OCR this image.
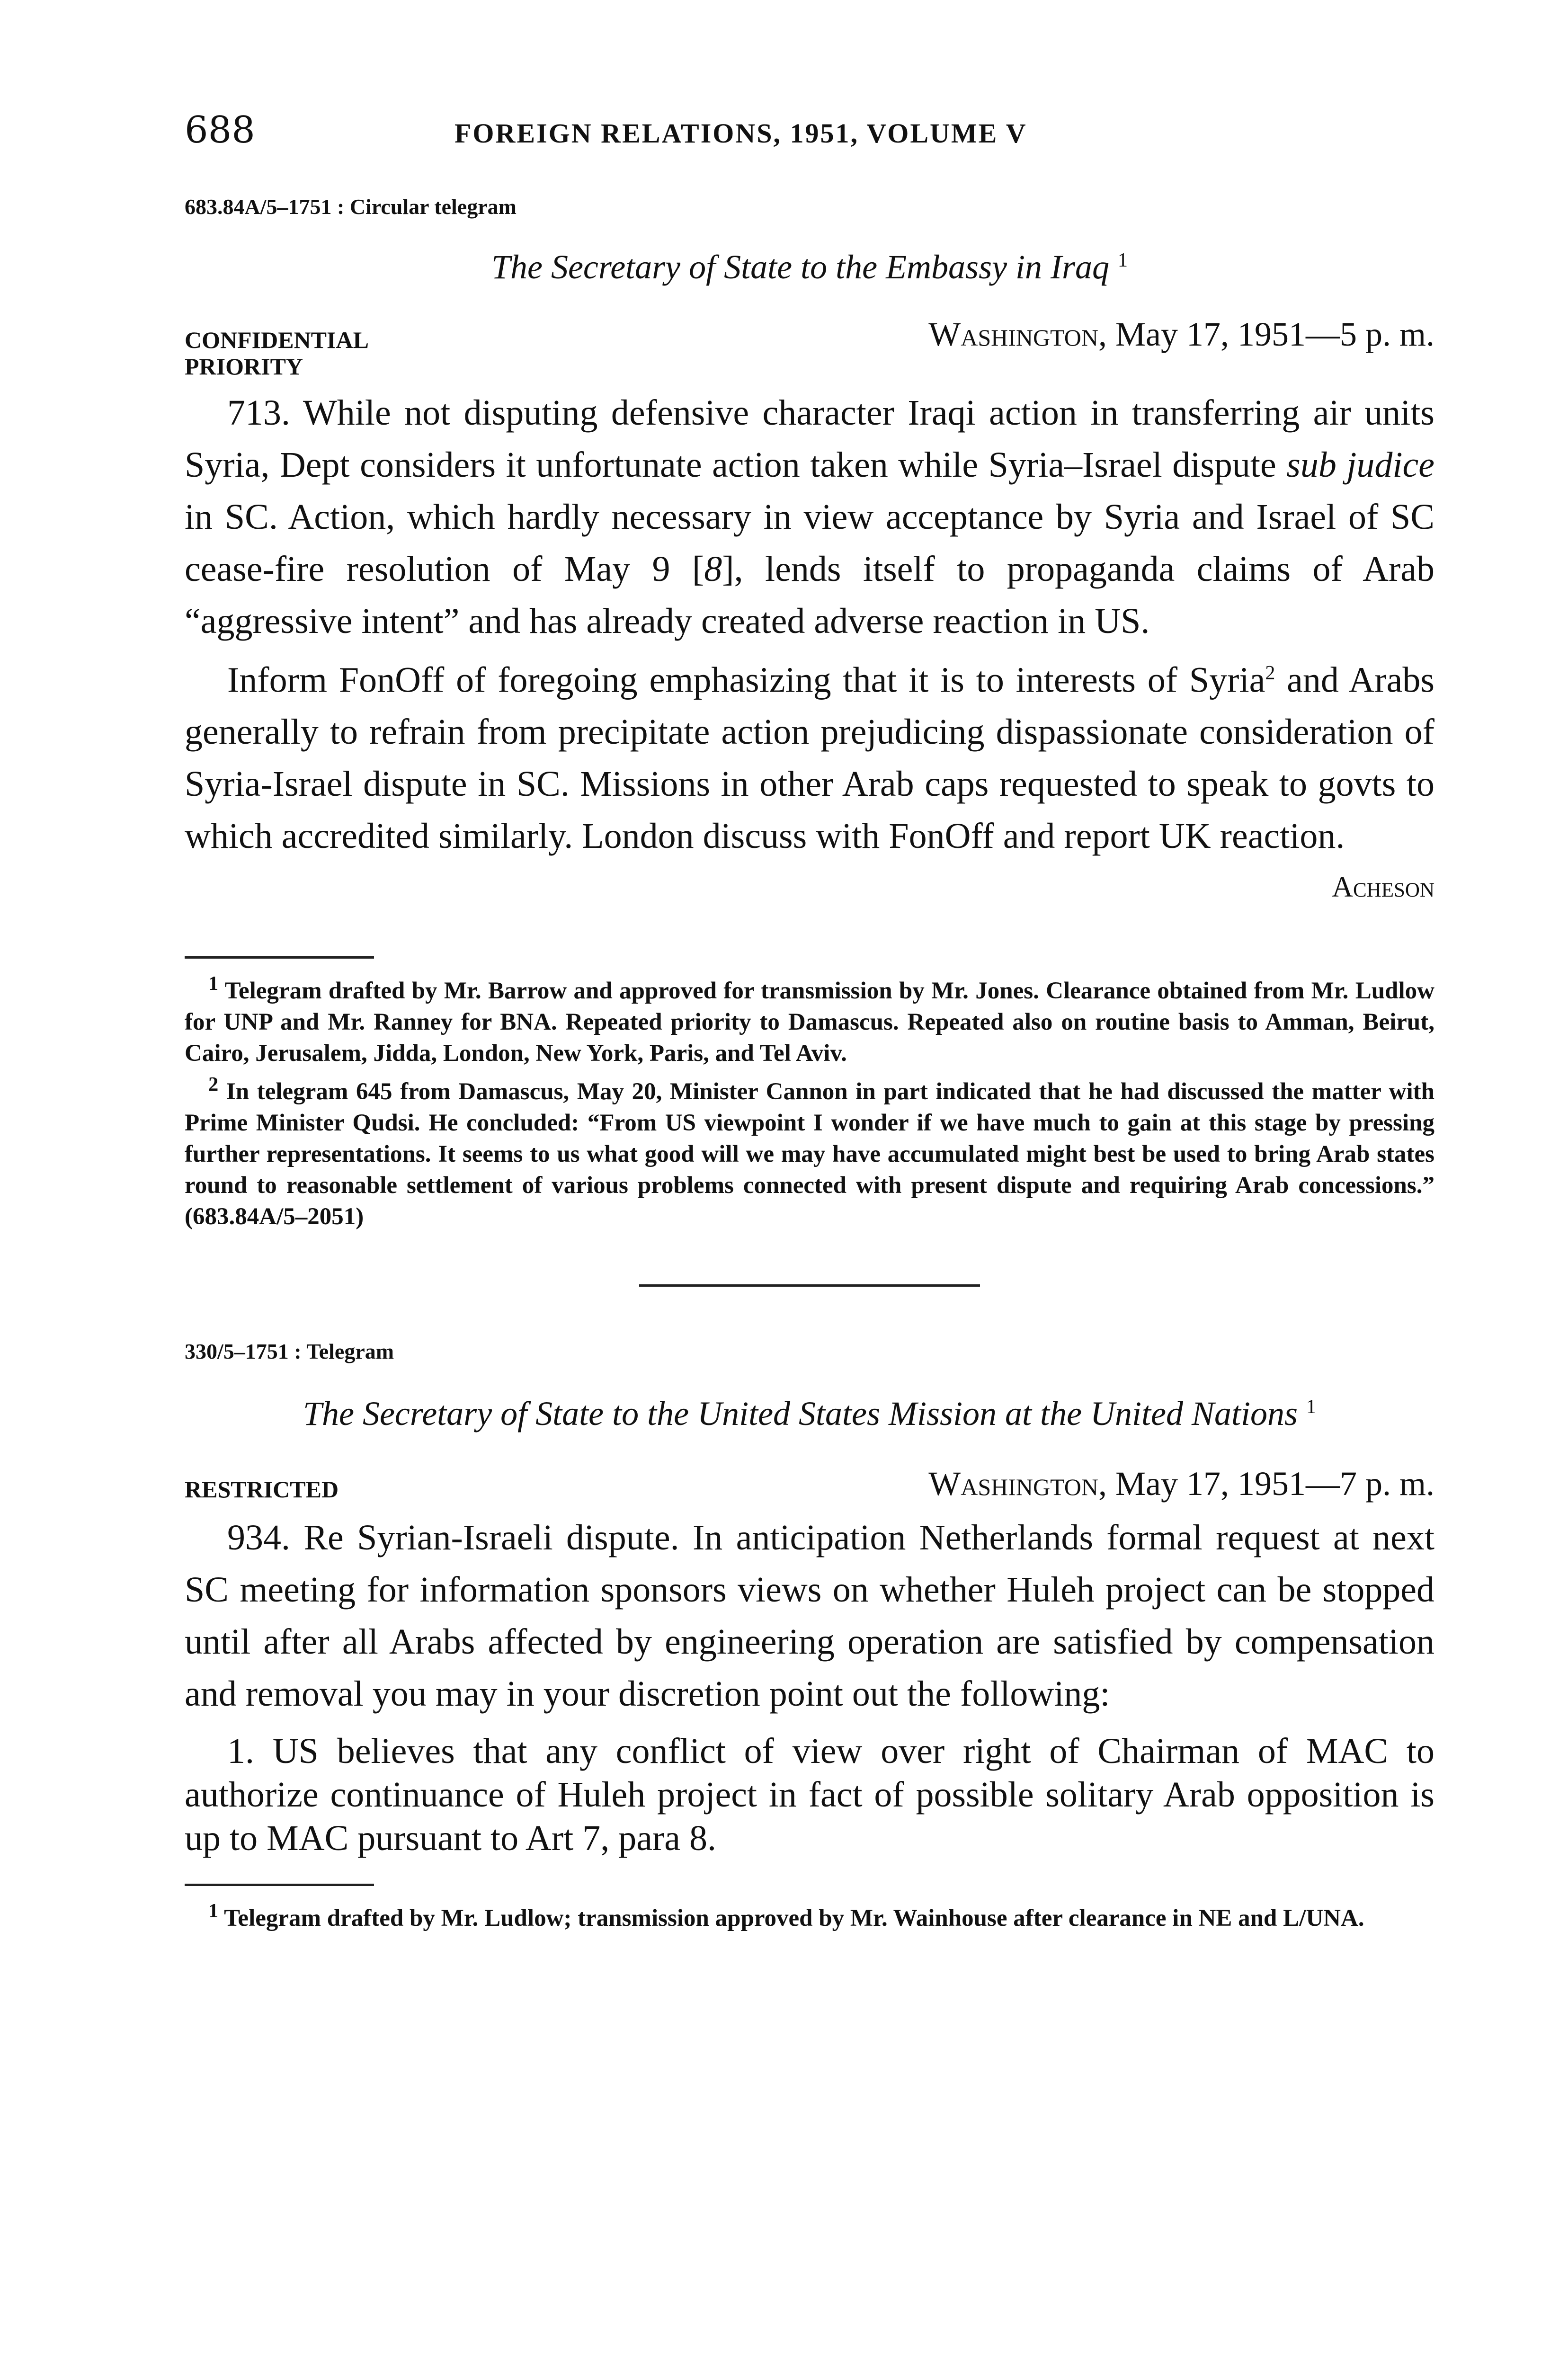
688	FOREIGN RELATIONS, 1951, VOLUME V
683.84A/5–1751 : Circular telegram
The Secretary of State to the Embassy in Iraq $^1$
CONFIDENTIAL	Washington, May 17, 1951—5 p. m.
PRIORITY

713. While not disputing defensive character Iraqi action in transferring air units Syria, Dept considers it unfortunate action taken while Syria–Israel dispute sub judice in SC. Action, which hardly necessary in view acceptance by Syria and Israel of SC cease-fire resolution of May 9 [8], lends itself to propaganda claims of Arab “aggressive intent” and has already created adverse reaction in US.

Inform FonOff of foregoing emphasizing that it is to interests of Syria$^2$ and Arabs generally to refrain from precipitate action prejudicing dispassionate consideration of Syria-Israel dispute in SC. Missions in other Arab caps requested to speak to govts to which accredited similarly. London discuss with FonOff and report UK reaction.

Acheson

$^1$ Telegram drafted by Mr. Barrow and approved for transmission by Mr. Jones. Clearance obtained from Mr. Ludlow for UNP and Mr. Ranney for BNA. Repeated priority to Damascus. Repeated also on routine basis to Amman, Beirut, Cairo, Jerusalem, Jidda, London, New York, Paris, and Tel Aviv.

$^2$ In telegram 645 from Damascus, May 20, Minister Cannon in part indicated that he had discussed the matter with Prime Minister Qudsi. He concluded: “From US viewpoint I wonder if we have much to gain at this stage by pressing further representations. It seems to us what good will we may have accumulated might best be used to bring Arab states round to reasonable settlement of various problems connected with present dispute and requiring Arab concessions.” (683.84A/5–2051)

330/5–1751 : Telegram
The Secretary of State to the United States Mission at the United Nations $^1$
RESTRICTED	Washington, May 17, 1951—7 p. m.

934. Re Syrian-Israeli dispute. In anticipation Netherlands formal request at next SC meeting for information sponsors views on whether Huleh project can be stopped until after all Arabs affected by engineering operation are satisfied by compensation and removal you may in your discretion point out the following:

1. US believes that any conflict of view over right of Chairman of MAC to authorize continuance of Huleh project in fact of possible solitary Arab opposition is up to MAC pursuant to Art 7, para 8.

$^1$ Telegram drafted by Mr. Ludlow; transmission approved by Mr. Wainhouse after clearance in NE and L/UNA.
